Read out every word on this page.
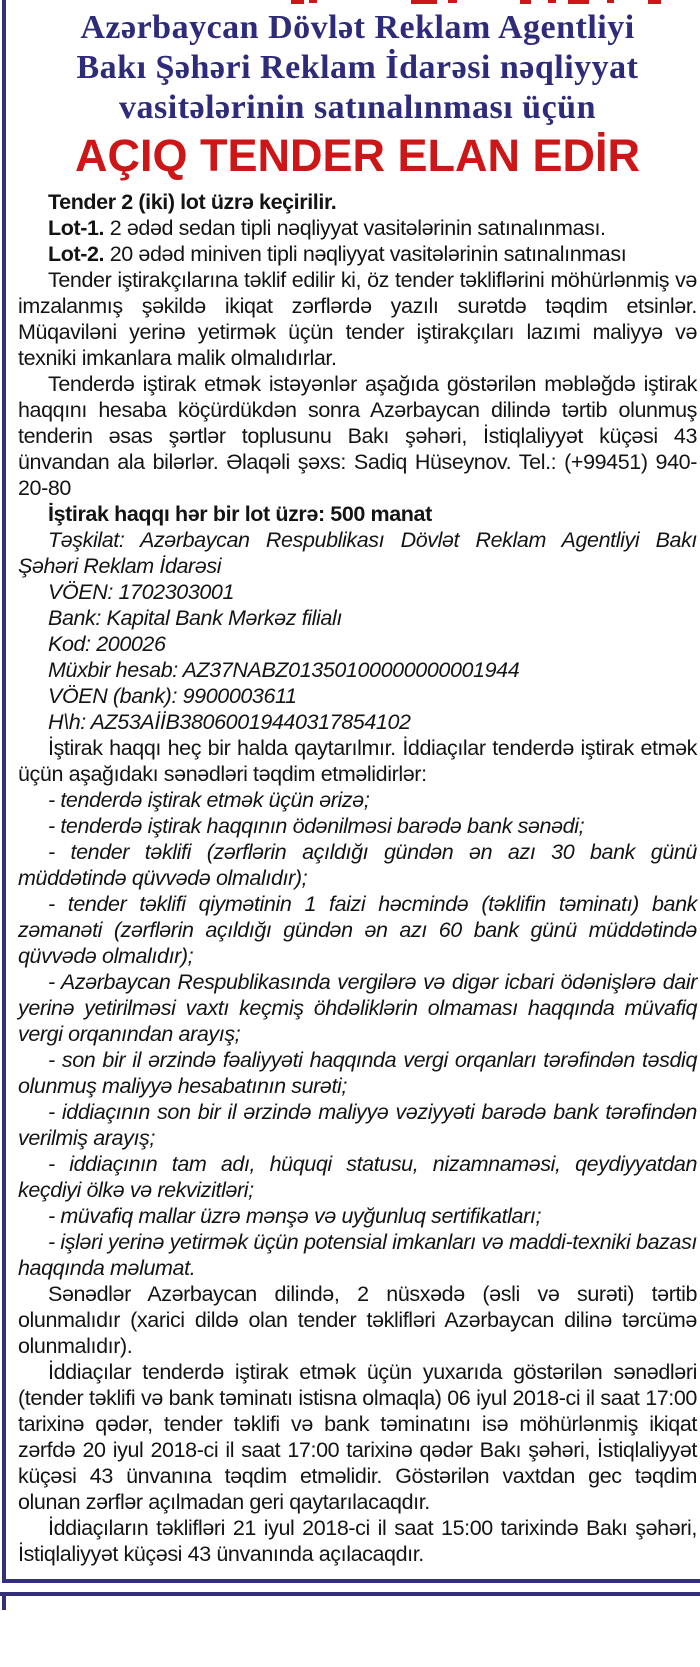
Azərbaycan Dövlət Reklam Agentliyi
Bakı Şəhəri Reklam İdarəsi nəqliyyat
vasitələrinin satınalınması üçün
AÇIQ TENDER ELAN EDİR

Tender 2 (iki) lot üzrə keçirilir.

Lot-1. 2 ədəd sedan tipli nəqliyyat vasitələrinin satınalınması.

Lot-2. 20 ədəd miniven tipli nəqliyyat vasitələrinin satınalınması

Tender iştirakçılarına təklif edilir ki, öz tender təkliflərini möhürlənmiş və imzalanmış şəkildə ikiqat zərflərdə yazılı surətdə təqdim etsinlər. Müqaviləni yerinə yetirmək üçün tender iştirakçıları lazımi maliyyə və texniki imkanlara malik olmalıdırlar.

Tenderdə iştirak etmək istəyənlər aşağıda göstərilən məbləğdə iştirak haqqını hesaba köçürdükdən sonra Azərbaycan dilində tərtib olunmuş tenderin əsas şərtlər toplusunu Bakı şəhəri, İstiqlaliyyət küçəsi 43 ünvandan ala bilərlər. Əlaqəli şəxs: Sadiq Hüseynov. Tel.: (+99451) 940-20-80

İştirak haqqı hər bir lot üzrə: 500 manat

Təşkilat: Azərbaycan Respublikası Dövlət Reklam Agentliyi Bakı Şəhəri Reklam İdarəsi

VÖEN: 1702303001

Bank: Kapital Bank Mərkəz filialı

Kod: 200026

Müxbir hesab: AZ37NABZ01350100000000001944

VÖEN (bank): 9900003611

H\h: AZ53AİİB38060019440317854102

İştirak haqqı heç bir halda qaytarılmır. İddiaçılar tenderdə iştirak etmək üçün aşağıdakı sənədləri təqdim etməlidirlər:

- tenderdə iştirak etmək üçün ərizə;

- tenderdə iştirak haqqının ödənilməsi barədə bank sənədi;

- tender təklifi (zərflərin açıldığı gündən ən azı 30 bank günü müddətində qüvvədə olmalıdır);

- tender təklifi qiymətinin 1 faizi həcmində (təklifin təminatı) bank zəmanəti (zərflərin açıldığı gündən ən azı 60 bank günü müddətində qüvvədə olmalıdır);

- Azərbaycan Respublikasında vergilərə və digər icbari ödənişlərə dair yerinə yetirilməsi vaxtı keçmiş öhdəliklərin olmaması haqqında müvafiq vergi orqanından arayış;

- son bir il ərzində fəaliyyəti haqqında vergi orqanları tərəfindən təsdiq olunmuş maliyyə hesabatının surəti;

- iddiaçının son bir il ərzində maliyyə vəziyyəti barədə bank tərəfindən verilmiş arayış;

- iddiaçının tam adı, hüquqi statusu, nizamnaməsi, qeydiyyatdan keçdiyi ölkə və rekvizitləri;

- müvafiq mallar üzrə mənşə və uyğunluq sertifikatları;

- işləri yerinə yetirmək üçün potensial imkanları və maddi-texniki bazası haqqında məlumat.

Sənədlər Azərbaycan dilində, 2 nüsxədə (əsli və surəti) tərtib olunmalıdır (xarici dildə olan tender təklifləri Azərbaycan dilinə tərcümə olunmalıdır).

İddiaçılar tenderdə iştirak etmək üçün yuxarıda göstərilən sənədləri (tender təklifi və bank təminatı istisna olmaqla) 06 iyul 2018-ci il saat 17:00 tarixinə qədər, tender təklifi və bank təminatını isə möhürlənmiş ikiqat zərfdə 20 iyul 2018-ci il saat 17:00 tarixinə qədər Bakı şəhəri, İstiqlaliyyət küçəsi 43 ünvanına təqdim etməlidir. Göstərilən vaxtdan gec təqdim olunan zərflər açılmadan geri qaytarılacaqdır.

İddiaçıların təklifləri 21 iyul 2018-ci il saat 15:00 tarixində Bakı şəhəri, İstiqlaliyyət küçəsi 43 ünvanında açılacaqdır.
